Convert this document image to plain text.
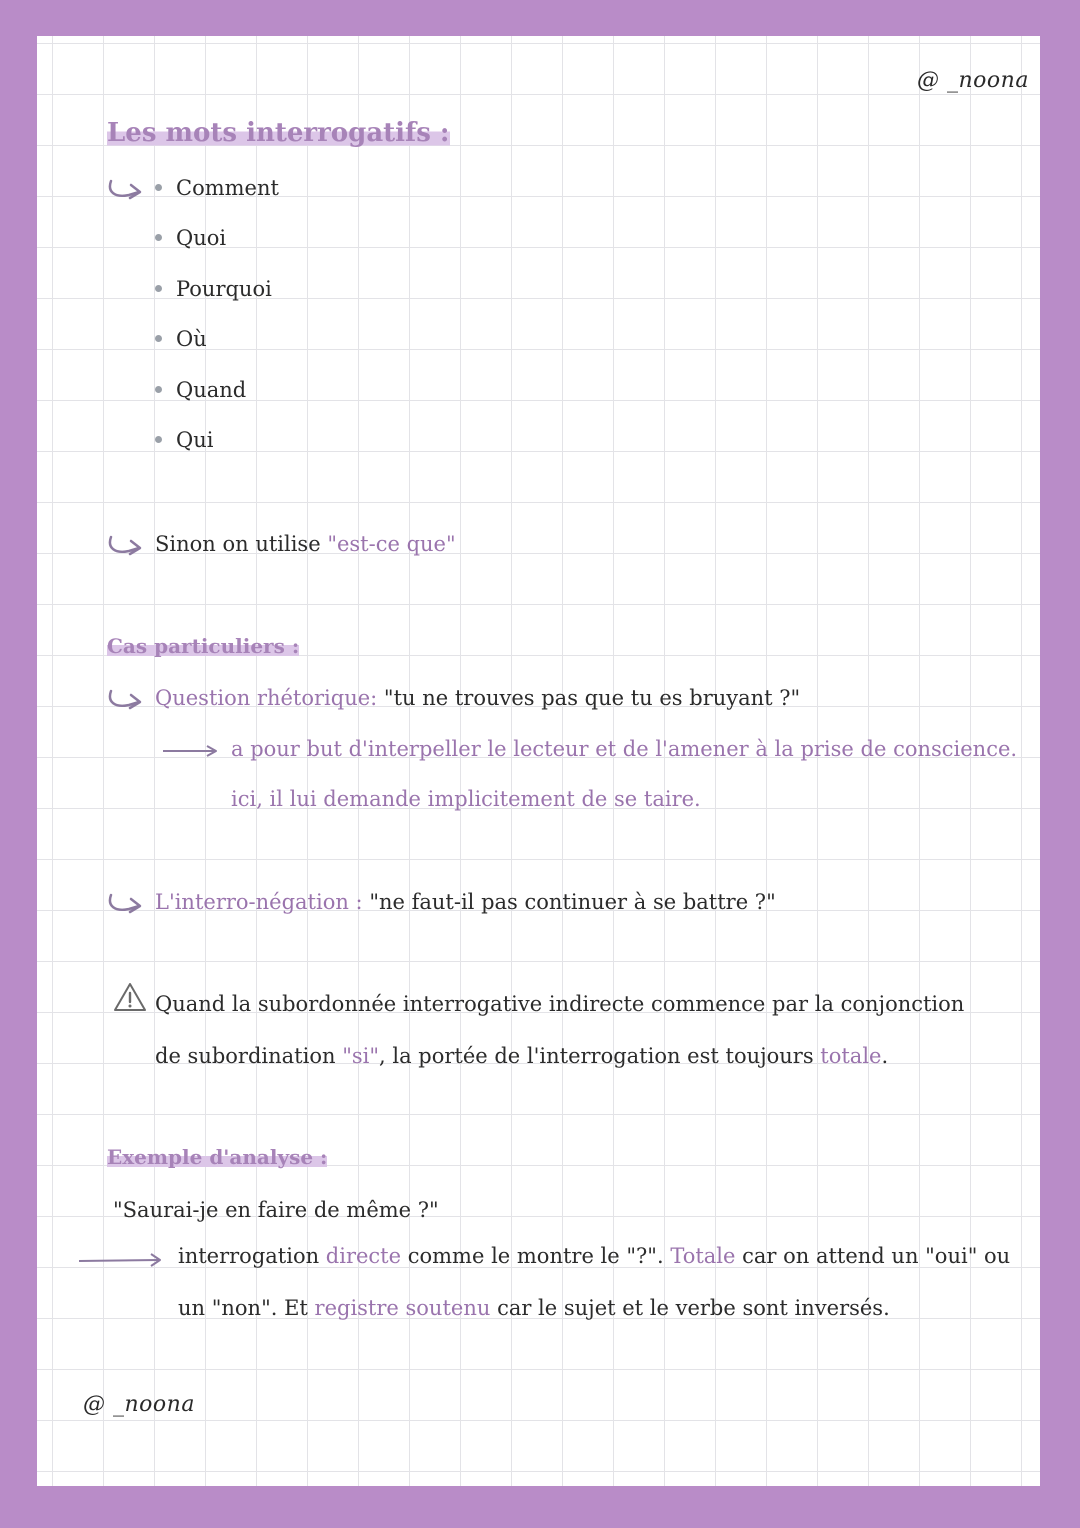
@ _noona
Les mots interrogatifs :
Comment
Quoi
Pourquoi
Où
Quand
Qui
Sinon on utilise "est-ce que"
Cas particuliers :
Question rhétorique: "tu ne trouves pas que tu es bruyant ?"
a pour but d'interpeller le lecteur et de l'amener à la prise de conscience.
ici, il lui demande implicitement de se taire.
L'interro-négation : "ne faut-il pas continuer à se battre ?"
Quand la subordonnée interrogative indirecte commence par la conjonction
de subordination "si", la portée de l'interrogation est toujours totale.
Exemple d'analyse :
"Saurai-je en faire de même ?"
interrogation directe comme le montre le "?". Totale car on attend un "oui" ou
un "non". Et registre soutenu car le sujet et le verbe sont inversés.
@ _noona
